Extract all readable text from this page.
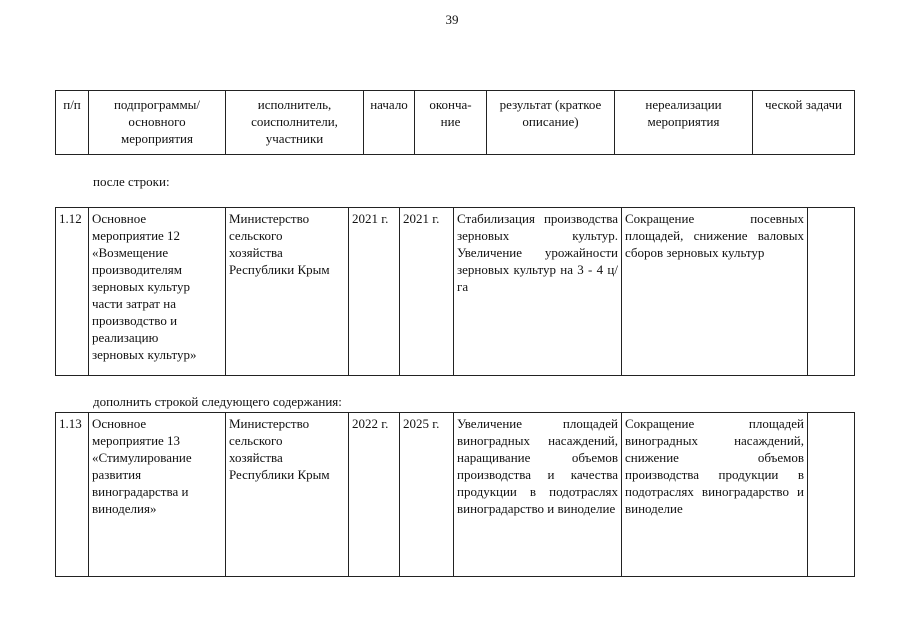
39
п/п	подпрограммы/
основного
мероприятия	исполнитель,
соисполнители,
участники	начало	оконча-
ние	результат (краткое
описание)	нереализации
мероприятия	ческой задачи
после строки:
1.12	Основное
мероприятие 12
«Возмещение
производителям
зерновых культур
части затрат на
производство и
реализацию
зерновых культур»	Министерство
сельского
хозяйства
Республики Крым	2021 г.	2021 г.	Стабилизация производства зерновых культур. Увеличение урожайности зерновых культур на 3 - 4 ц/га	Сокращение посевных площадей, снижение валовых сборов зерновых культур	
дополнить строкой следующего содержания:
1.13	Основное
мероприятие 13
«Стимулирование
развития
виноградарства и
виноделия»	Министерство
сельского
хозяйства
Республики Крым	2022 г.	2025 г.	Увеличение площадей виноградных насаждений, наращивание объемов производства и качества продукции в подотраслях виноградарство и виноделие	Сокращение площадей виноградных насаждений, снижение объемов производства продукции в подотраслях виноградарство и виноделие	
